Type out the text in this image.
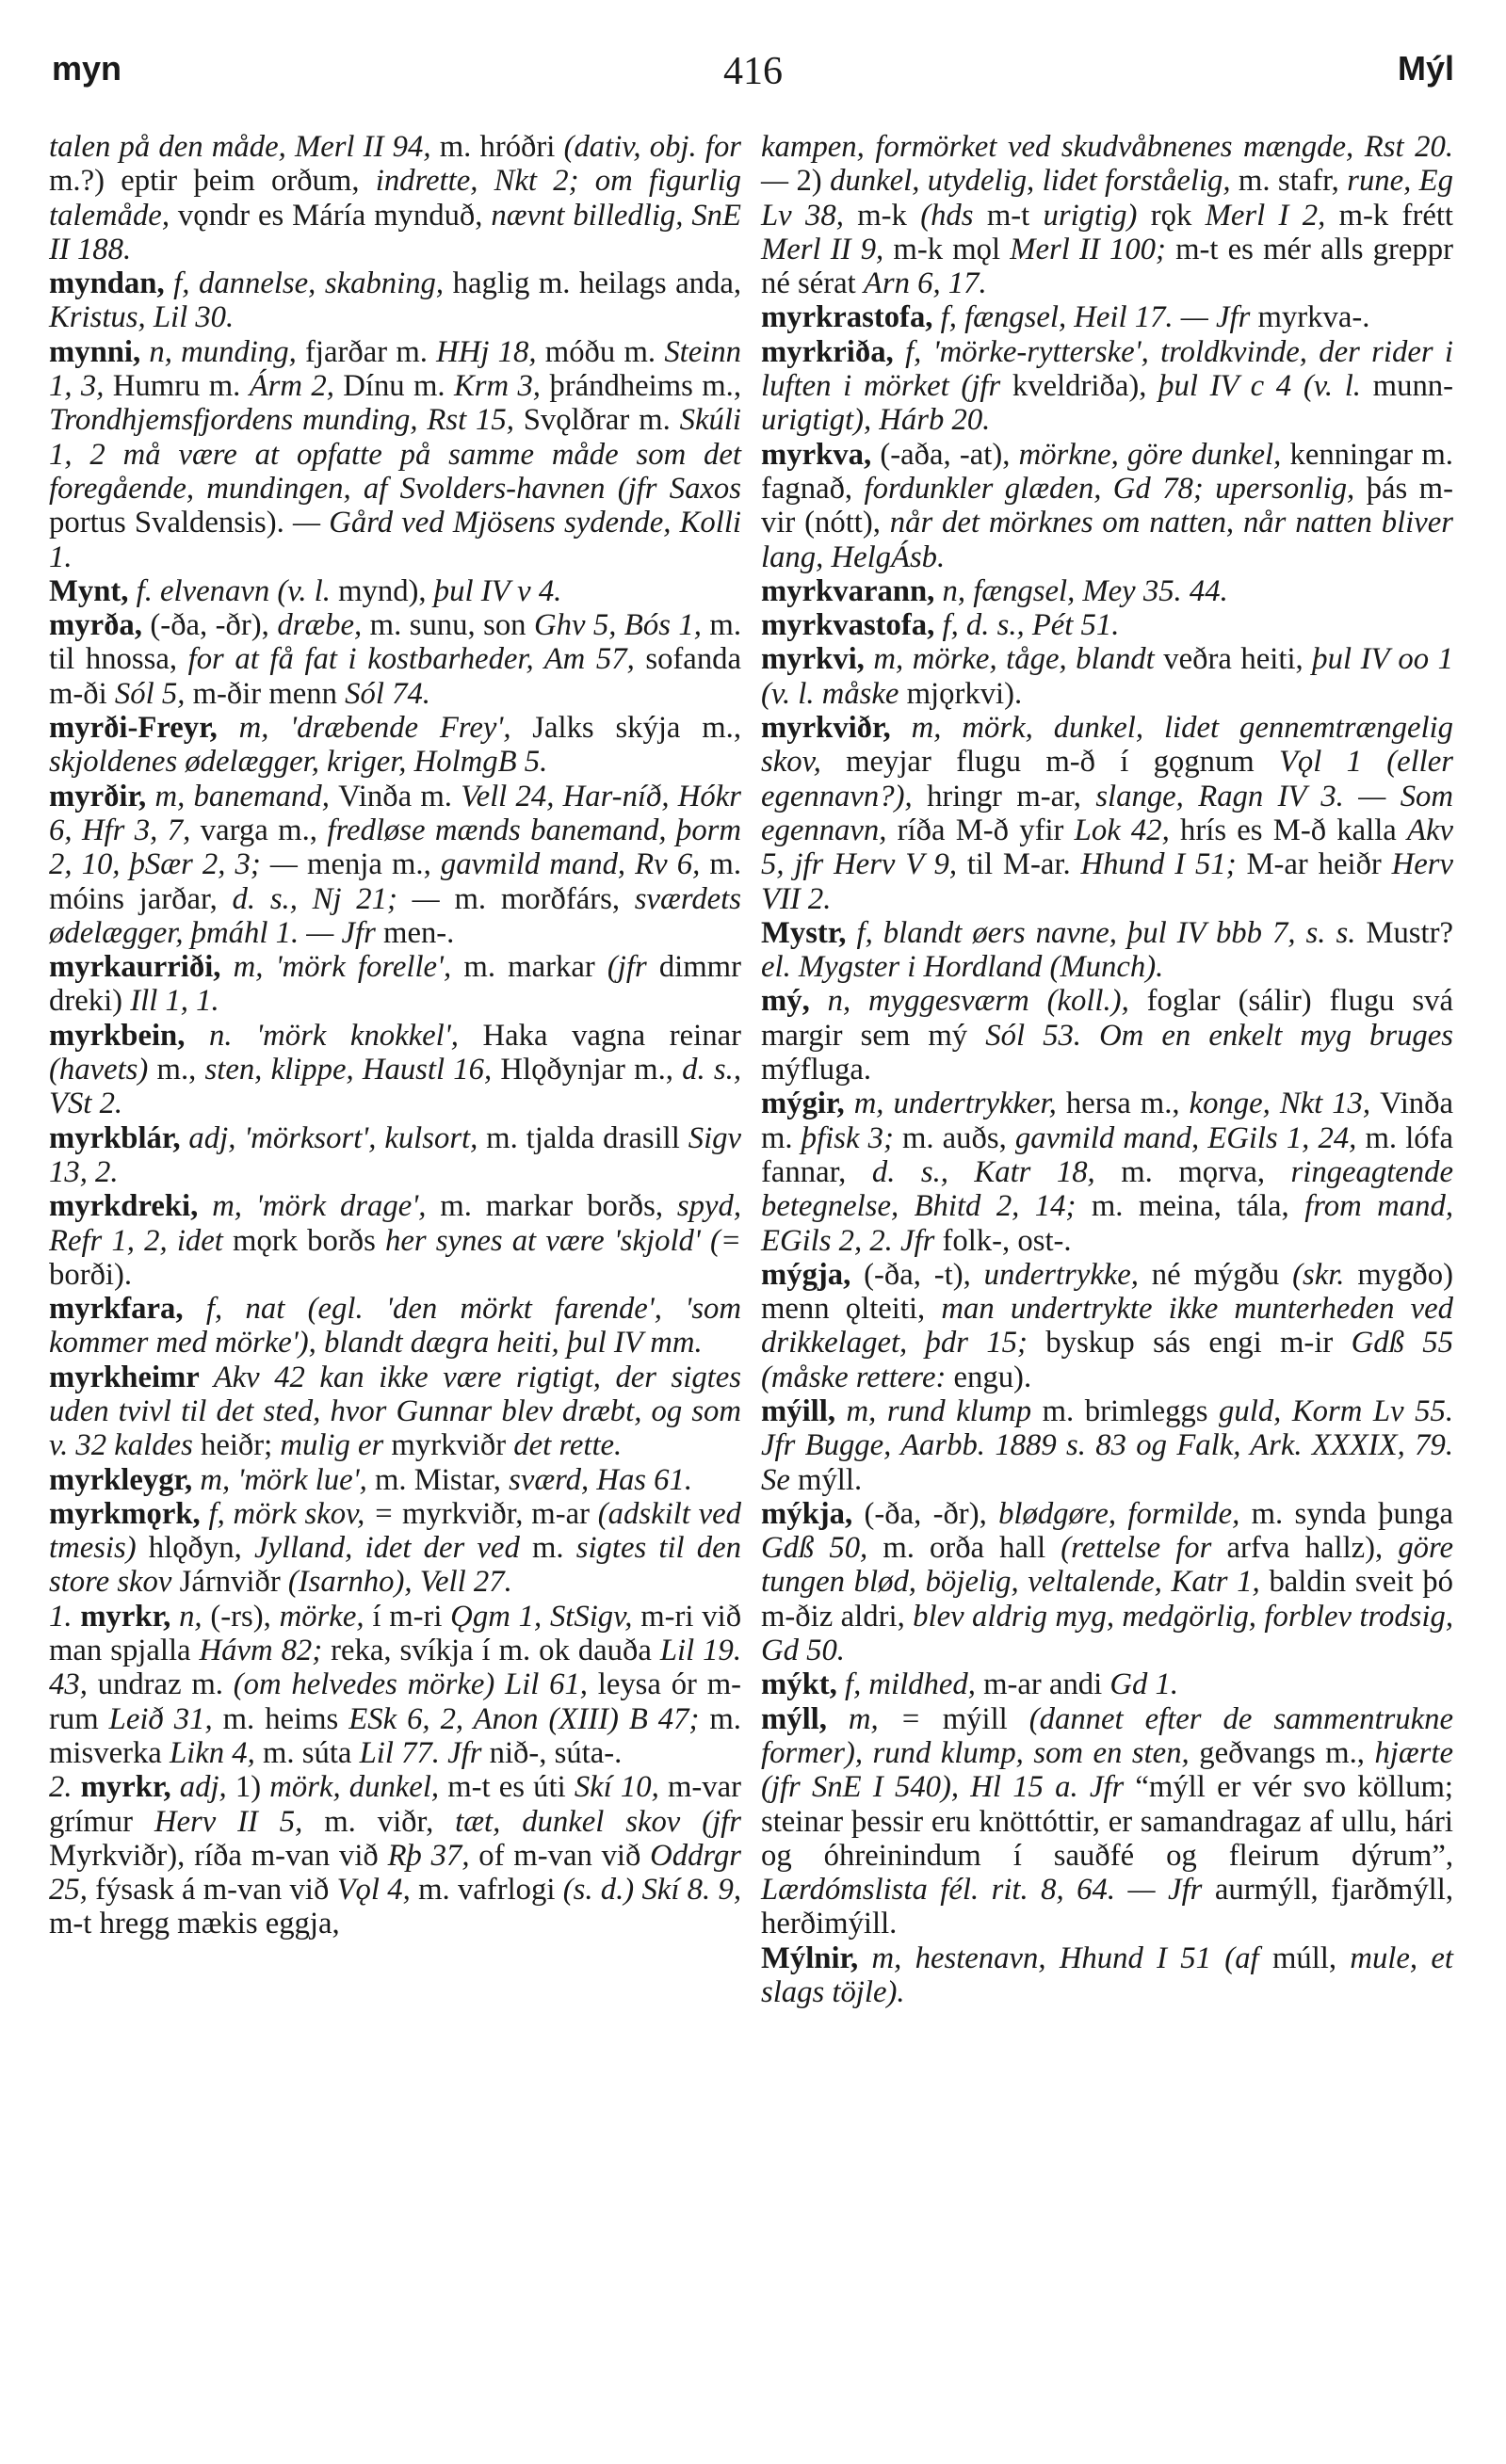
myn	416	Mýl

talen på den måde, Merl II 94, m. hróðri (dativ, obj. for m.?) eptir þeim orðum, indrette, Nkt 2; om figurlig talemåde, vǫndr es Máría mynduð, nævnt billedlig, SnE II 188.

myndan, f, dannelse, skabning, haglig m. heilags anda, Kristus, Lil 30.

mynni, n, munding, fjarðar m. HHj 18, móðu m. Steinn 1, 3, Humru m. Árm 2, Dínu m. Krm 3, þrándheims m., Trondhjemsfjordens munding, Rst 15, Svǫlðrar m. Skúli 1, 2 må være at opfatte på samme måde som det foregående, mundingen, af Svolders-havnen (jfr Saxos portus Svaldensis). — Gård ved Mjösens sydende, Kolli 1.

Mynt, f. elvenavn (v. l. mynd), þul IV v 4.

myrða, (-ða, -ðr), dræbe, m. sunu, son Ghv 5, Bós 1, m. til hnossa, for at få fat i kostbarheder, Am 57, sofanda m-ði Sól 5, m-ðir menn Sól 74.

myrði-Freyr, m, 'dræbende Frey', Jalks skýja m., skjoldenes ødelægger, kriger, HolmgB 5.

myrðir, m, banemand, Vinða m. Vell 24, Har-níð, Hókr 6, Hfr 3, 7, varga m., fredløse mænds banemand, þorm 2, 10, þSær 2, 3; — menja m., gavmild mand, Rv 6, m. móins jarðar, d. s., Nj 21; — m. morðfárs, sværdets ødelægger, þmáhl 1. — Jfr men-.

myrkaurriði, m, 'mörk forelle', m. markar (jfr dimmr dreki) Ill 1, 1.

myrkbein, n. 'mörk knokkel', Haka vagna reinar (havets) m., sten, klippe, Haustl 16, Hlǫðynjar m., d. s., VSt 2.

myrkblár, adj, 'mörksort', kulsort, m. tjalda drasill Sigv 13, 2.

myrkdreki, m, 'mörk drage', m. markar borðs, spyd, Refr 1, 2, idet mǫrk borðs her synes at være 'skjold' (= borði).

myrkfara, f, nat (egl. 'den mörkt farende', 'som kommer med mörke'), blandt dægra heiti, þul IV mm.

myrkheimr Akv 42 kan ikke være rigtigt, der sigtes uden tvivl til det sted, hvor Gunnar blev dræbt, og som v. 32 kaldes heiðr; mulig er myrkviðr det rette.

myrkleygr, m, 'mörk lue', m. Mistar, sværd, Has 61.

myrkmǫrk, f, mörk skov, = myrkviðr, m-ar (adskilt ved tmesis) hlǫðyn, Jylland, idet der ved m. sigtes til den store skov Járnviðr (Isarnho), Vell 27.

1. myrkr, n, (-rs), mörke, í m-ri Ǫgm 1, StSigv, m-ri við man spjalla Hávm 82; reka, svíkja í m. ok dauða Lil 19. 43, undraz m. (om helvedes mörke) Lil 61, leysa ór m-rum Leið 31, m. heims ESk 6, 2, Anon (XIII) B 47; m. misverka Likn 4, m. súta Lil 77. Jfr nið-, súta-.

2. myrkr, adj, 1) mörk, dunkel, m-t es úti Skí 10, m-var grímur Herv II 5, m. viðr, tæt, dunkel skov (jfr Myrkviðr), ríða m-van við Rþ 37, of m-van við Oddrgr 25, fýsask á m-van við Vǫl 4, m. vafrlogi (s. d.) Skí 8. 9, m-t hregg mækis eggja,

kampen, formörket ved skudvåbnenes mængde, Rst 20. — 2) dunkel, utydelig, lidet forståelig, m. stafr, rune, Eg Lv 38, m-k (hds m-t urigtig) rǫk Merl I 2, m-k frétt Merl II 9, m-k mǫl Merl II 100; m-t es mér alls greppr né sérat Arn 6, 17.

myrkrastofa, f, fængsel, Heil 17. — Jfr myrkva-.

myrkriða, f, 'mörke-rytterske', troldkvinde, der rider i luften i mörket (jfr kveldriða), þul IV c 4 (v. l. munn- urigtigt), Hárb 20.

myrkva, (-aða, -at), mörkne, göre dunkel, kenningar m. fagnað, fordunkler glæden, Gd 78; upersonlig, þás m-vir (nótt), når det mörknes om natten, når natten bliver lang, HelgÁsb.

myrkvarann, n, fængsel, Mey 35. 44.

myrkvastofa, f, d. s., Pét 51.

myrkvi, m, mörke, tåge, blandt veðra heiti, þul IV oo 1 (v. l. måske mjǫrkvi).

myrkviðr, m, mörk, dunkel, lidet gennemtrængelig skov, meyjar flugu m-ð í gǫgnum Vǫl 1 (eller egennavn?), hringr m-ar, slange, Ragn IV 3. — Som egennavn, ríða M-ð yfir Lok 42, hrís es M-ð kalla Akv 5, jfr Herv V 9, til M-ar. Hhund I 51; M-ar heiðr Herv VII 2.

Mystr, f, blandt øers navne, þul IV bbb 7, s. s. Mustr? el. Mygster i Hordland (Munch).

mý, n, myggesværm (koll.), foglar (sálir) flugu svá margir sem mý Sól 53. Om en enkelt myg bruges mýfluga.

mýgir, m, undertrykker, hersa m., konge, Nkt 13, Vinða m. þfisk 3; m. auðs, gavmild mand, EGils 1, 24, m. lófa fannar, d. s., Katr 18, m. mǫrva, ringeagtende betegnelse, Bhitd 2, 14; m. meina, tála, from mand, EGils 2, 2. Jfr folk-, ost-.

mýgja, (-ða, -t), undertrykke, né mýgðu (skr. mygðo) menn ǫlteiti, man undertrykte ikke munterheden ved drikkelaget, þdr 15; byskup sás engi m-ir Gdß 55 (måske rettere: engu).

mýill, m, rund klump m. brimleggs guld, Korm Lv 55. Jfr Bugge, Aarbb. 1889 s. 83 og Falk, Ark. XXXIX, 79. Se mýll.

mýkja, (-ða, -ðr), blødgøre, formilde, m. synda þunga Gdß 50, m. orða hall (rettelse for arfva hallz), göre tungen blød, böjelig, veltalende, Katr 1, baldin sveit þó m-ðiz aldri, blev aldrig myg, medgörlig, forblev trodsig, Gd 50.

mýkt, f, mildhed, m-ar andi Gd 1.

mýll, m, = mýill (dannet efter de sammentrukne former), rund klump, som en sten, geðvangs m., hjærte (jfr SnE I 540), Hl 15 a. Jfr “mýll er vér svo köllum; steinar þessir eru knöttóttir, er samandragaz af ullu, hári og óhreinindum í sauðfé og fleirum dýrum”, Lærdómslista fél. rit. 8, 64. — Jfr aurmýll, fjarðmýll, herðimýill.

Mýlnir, m, hestenavn, Hhund I 51 (af múll, mule, et slags töjle).
